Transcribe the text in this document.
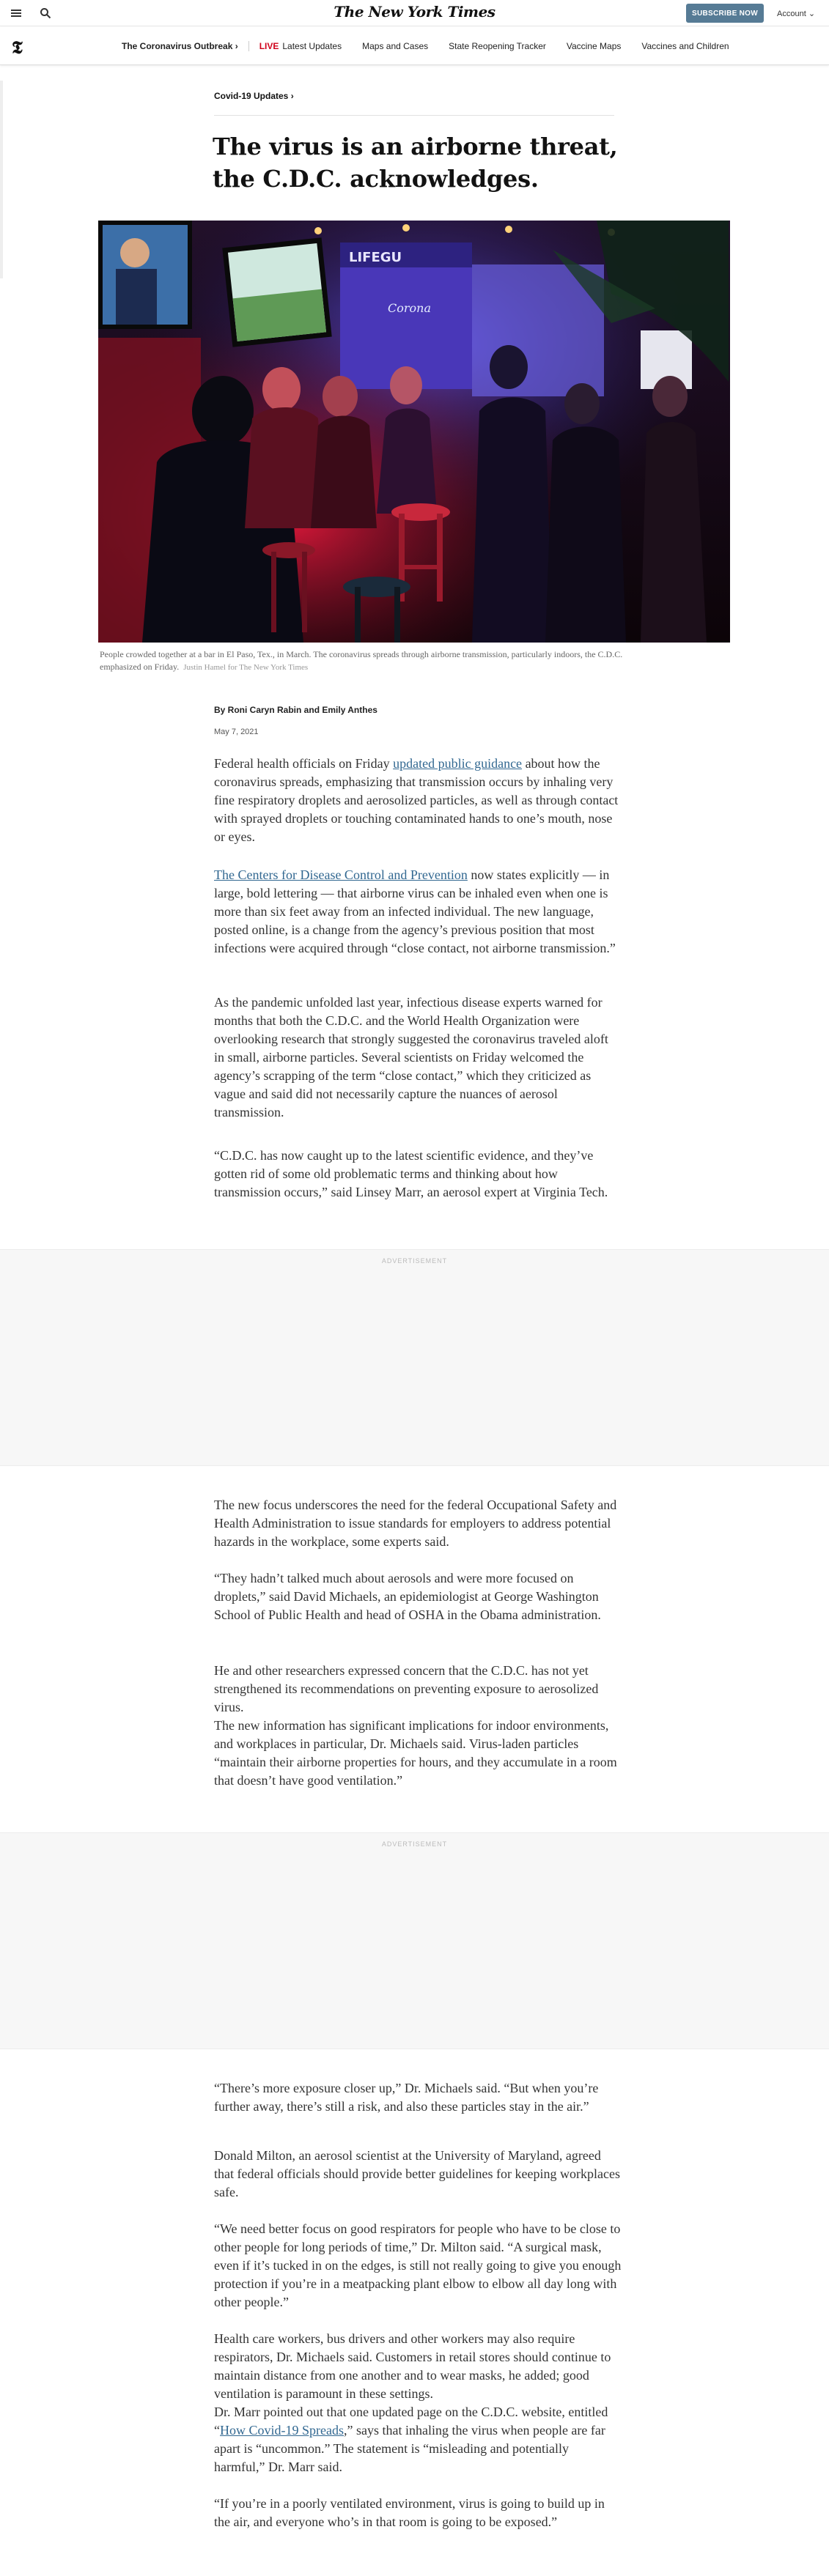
The New York Times	SUBSCRIBE NOW	Account ⌄
𝕿	The Coronavirus Outbreak ›	LIVE Latest Updates Maps and Cases State Reopening Tracker Vaccine Maps Vaccines and Children
Covid-19 Updates ›
The virus is an airborne threat, the C.D.C. acknowledges.
LIFEGU
Corona
People crowded together at a bar in El Paso, Tex., in March. The coronavirus spreads through airborne transmission, particularly indoors, the C.D.C. emphasized on Friday. Justin Hamel for The New York Times
By Roni Caryn Rabin and Emily Anthes
May 7, 2021

Federal health officials on Friday updated public guidance about how the coronavirus spreads, emphasizing that transmission occurs by inhaling very fine respiratory droplets and aerosolized particles, as well as through contact with sprayed droplets or touching contaminated hands to one’s mouth, nose or eyes.

The Centers for Disease Control and Prevention now states explicitly — in large, bold lettering — that airborne virus can be inhaled even when one is more than six feet away from an infected individual. The new language, posted online, is a change from the agency’s previous position that most infections were acquired through “close contact, not airborne transmission.”

As the pandemic unfolded last year, infectious disease experts warned for months that both the C.D.C. and the World Health Organization were overlooking research that strongly suggested the coronavirus traveled aloft in small, airborne particles. Several scientists on Friday welcomed the agency’s scrapping of the term “close contact,” which they criticized as vague and said did not necessarily capture the nuances of aerosol transmission.

“C.D.C. has now caught up to the latest scientific evidence, and they’ve gotten rid of some old problematic terms and thinking about how transmission occurs,” said Linsey Marr, an aerosol expert at Virginia Tech.

ADVERTISEMENT

The new focus underscores the need for the federal Occupational Safety and Health Administration to issue standards for employers to address potential hazards in the workplace, some experts said.

“They hadn’t talked much about aerosols and were more focused on droplets,” said David Michaels, an epidemiologist at George Washington School of Public Health and head of OSHA in the Obama administration.

He and other researchers expressed concern that the C.D.C. has not yet strengthened its recommendations on preventing exposure to aerosolized virus.

The new information has significant implications for indoor environments, and workplaces in particular, Dr. Michaels said. Virus-laden particles “maintain their airborne properties for hours, and they accumulate in a room that doesn’t have good ventilation.”

ADVERTISEMENT

“There’s more exposure closer up,” Dr. Michaels said. “But when you’re further away, there’s still a risk, and also these particles stay in the air.”

Donald Milton, an aerosol scientist at the University of Maryland, agreed that federal officials should provide better guidelines for keeping workplaces safe.

“We need better focus on good respirators for people who have to be close to other people for long periods of time,” Dr. Milton said. “A surgical mask, even if it’s tucked in on the edges, is still not really going to give you enough protection if you’re in a meatpacking plant elbow to elbow all day long with other people.”

Health care workers, bus drivers and other workers may also require respirators, Dr. Michaels said. Customers in retail stores should continue to maintain distance from one another and to wear masks, he added; good ventilation is paramount in these settings.

Dr. Marr pointed out that one updated page on the C.D.C. website, entitled “How Covid-19 Spreads,” says that inhaling the virus when people are far apart is “uncommon.” The statement is “misleading and potentially harmful,” Dr. Marr said.

“If you’re in a poorly ventilated environment, virus is going to build up in the air, and everyone who’s in that room is going to be exposed.”
